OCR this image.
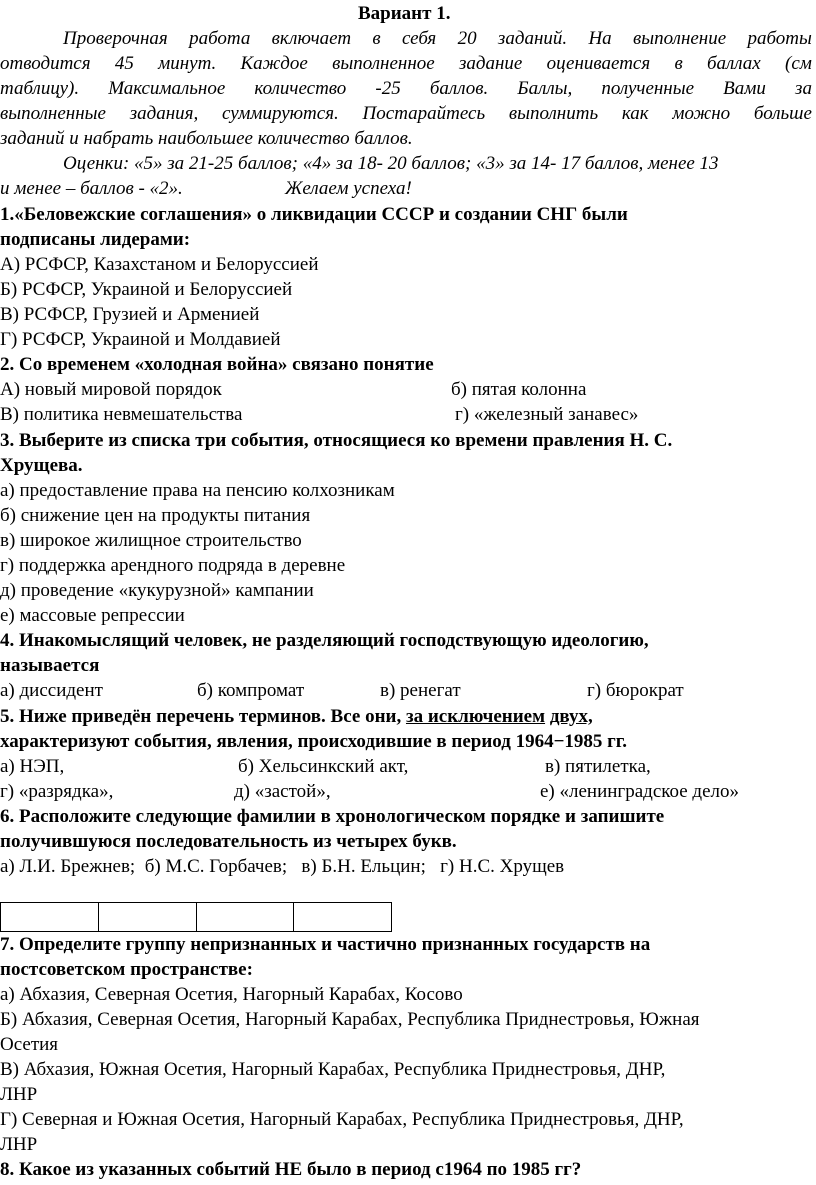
Вариант 1.
Проверочная работа включает в себя 20 заданий. На выполнение работы
отводится 45 минут. Каждое выполненное задание оценивается в баллах (см
таблицу). Максимальное количество -25 баллов. Баллы, полученные Вами за
выполненные задания, суммируются. Постарайтесь выполнить как можно больше
заданий и набрать наибольшее количество баллов.
Оценки: «5» за 21-25 баллов; «4» за 18- 20 баллов; «3» за 14- 17 баллов, менее 13
и менее – баллов - «2».	Желаем успеха!
1.«Беловежские соглашения» о ликвидации СССР и создании СНГ были
подписаны лидерами:
А) РСФСР, Казахстаном и Белоруссией
Б) РСФСР, Украиной и Белоруссией
В) РСФСР, Грузией и Арменией
Г) РСФСР, Украиной и Молдавией
2. Со временем «холодная война» связано понятие
А) новый мировой порядок	б) пятая колонна
В) политика невмешательства	г) «железный занавес»
3. Выберите из списка три события, относящиеся ко времени правления Н. С.
Хрущева.
а) предоставление права на пенсию колхозникам
б) снижение цен на продукты питания
в) широкое жилищное строительство
г) поддержка арендного подряда в деревне
д) проведение «кукурузной» кампании
е) массовые репрессии
4. Инакомыслящий человек, не разделяющий господствующую идеологию,
называется
а) диссидент	б) компромат	в) ренегат	г) бюрократ
5. Ниже приведён перечень терминов. Все они, за исключением двух,
характеризуют события, явления, происходившие в период 1964−1985 гг.
а) НЭП,	б) Хельсинкский акт,	в) пятилетка,
г) «разрядка»,	д) «застой»,	е) «ленинградское дело»
6. Расположите следующие фамилии в хронологическом порядке и запишите
получившуюся последовательность из четырех букв.
а) Л.И. Брежнев;  б) М.С. Горбачев;   в) Б.Н. Ельцин;   г) Н.С. Хрущев
7. Определите группу непризнанных и частично признанных государств на
постсоветском пространстве:
а) Абхазия, Северная Осетия, Нагорный Карабах, Косово
Б) Абхазия, Северная Осетия, Нагорный Карабах, Республика Приднестровья, Южная
Осетия
В) Абхазия, Южная Осетия, Нагорный Карабах, Республика Приднестровья, ДНР,
ЛНР
Г) Северная и Южная Осетия, Нагорный Карабах, Республика Приднестровья, ДНР,
ЛНР
8. Какое из указанных событий НЕ было в период с1964 по 1985 гг?
